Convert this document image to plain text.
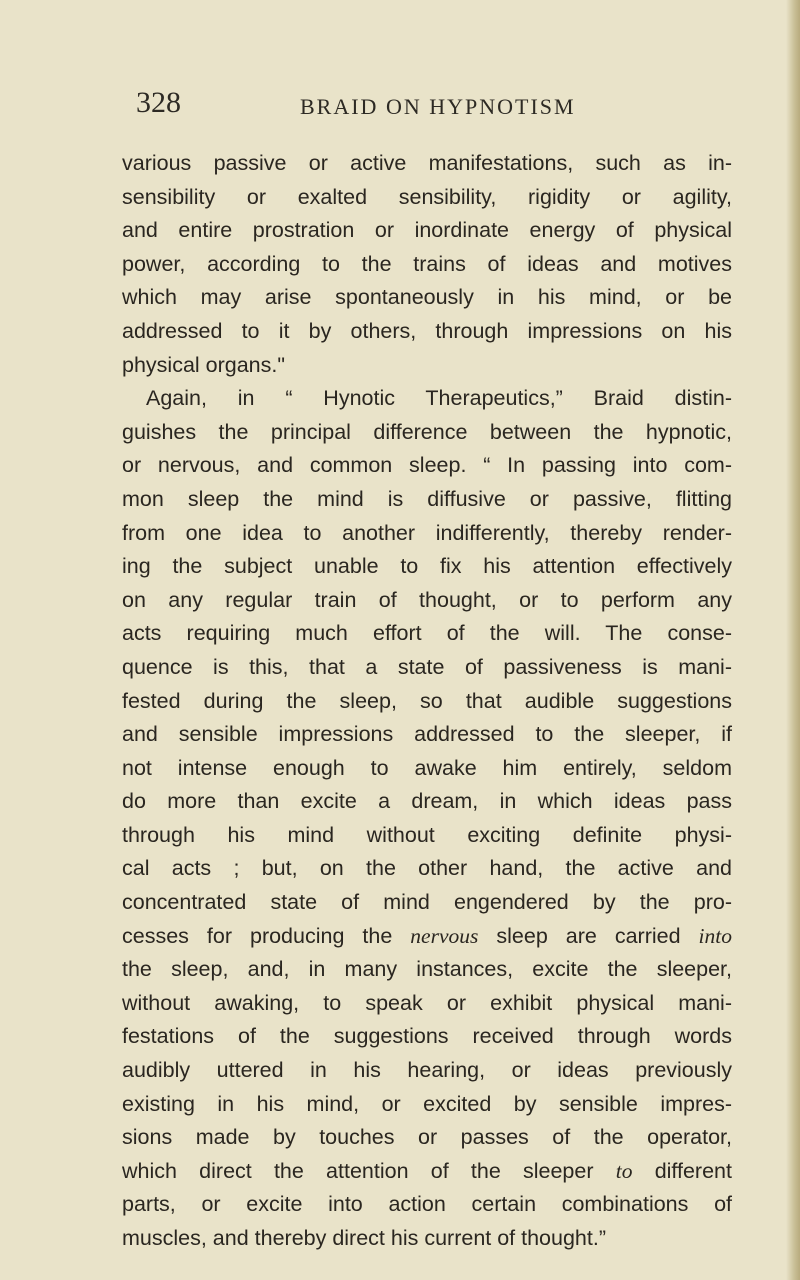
328	BRAID ON HYPNOTISM
various passive or active manifestations, such as in-
sensibility or exalted sensibility, rigidity or agility,
and entire prostration or inordinate energy of physical
power, according to the trains of ideas and motives
which may arise spontaneously in his mind, or be
addressed to it by others, through impressions on his
physical organs."
Again, in “ Hynotic Therapeutics,” Braid distin-
guishes the principal difference between the hypnotic,
or nervous, and common sleep. “ In passing into com-
mon sleep the mind is diffusive or passive, flitting
from one idea to another indifferently, thereby render-
ing the subject unable to fix his attention effectively
on any regular train of thought, or to perform any
acts requiring much effort of the will. The conse-
quence is this, that a state of passiveness is mani-
fested during the sleep, so that audible suggestions
and sensible impressions addressed to the sleeper, if
not intense enough to awake him entirely, seldom
do more than excite a dream, in which ideas pass
through his mind without exciting definite physi-
cal acts ; but, on the other hand, the active and
concentrated state of mind engendered by the pro-
cesses for producing the nervous sleep are carried into
the sleep, and, in many instances, excite the sleeper,
without awaking, to speak or exhibit physical mani-
festations of the suggestions received through words
audibly uttered in his hearing, or ideas previously
existing in his mind, or excited by sensible impres-
sions made by touches or passes of the operator,
which direct the attention of the sleeper to different
parts, or excite into action certain combinations of
muscles, and thereby direct his current of thought.”
